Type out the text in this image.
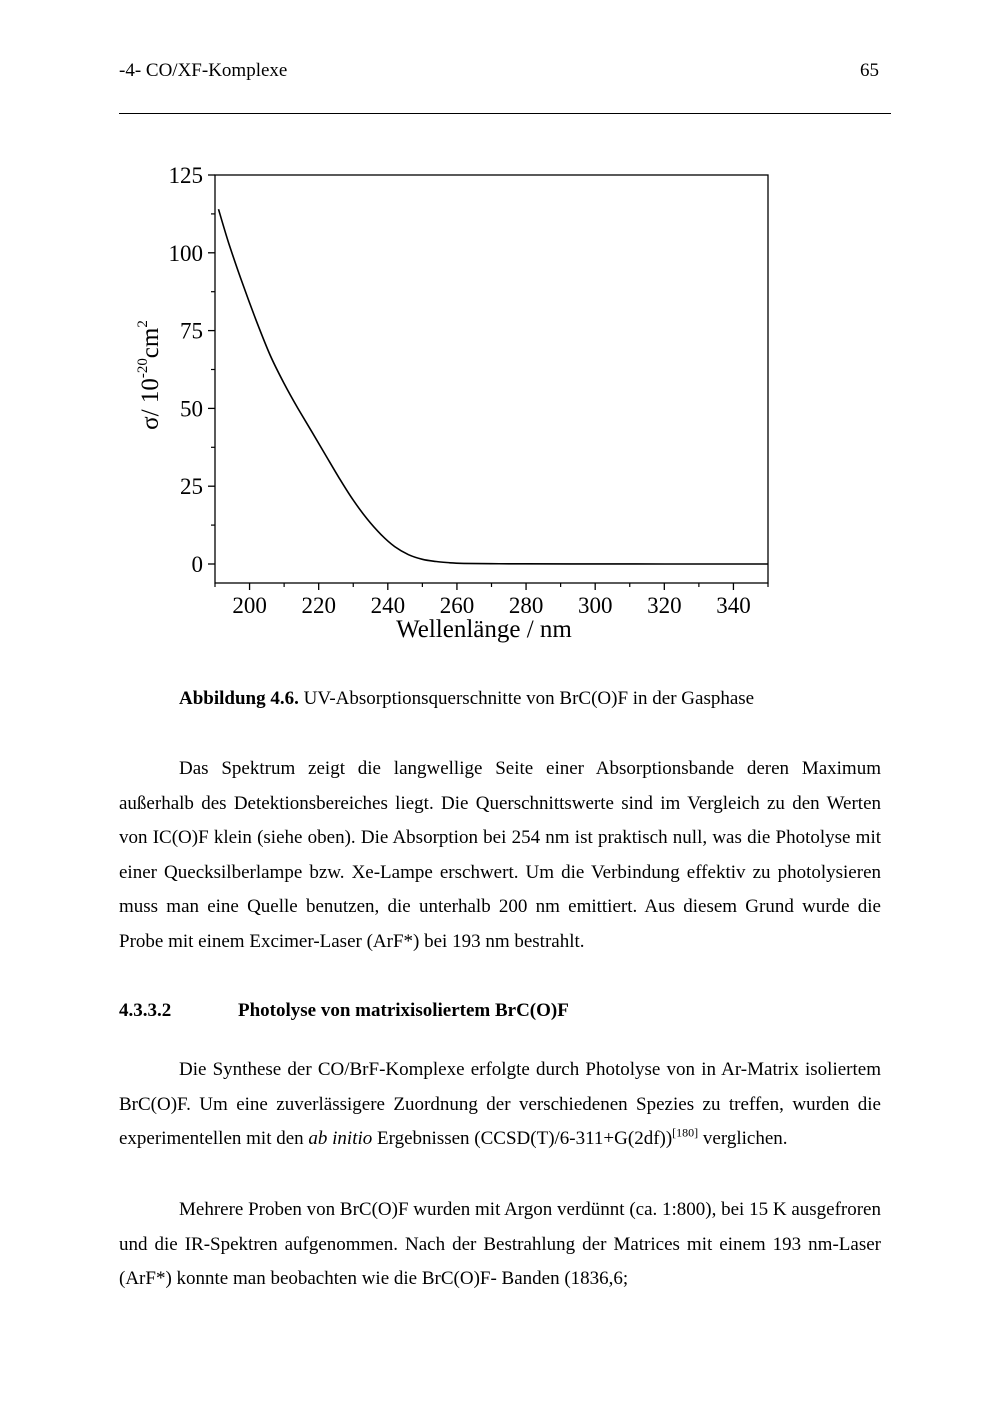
-4- CO/XF-Komplexe	65
0
25
50
75
100
125
200 220 240 260 280 300 320 340
Wellenlänge / nm
σ/ $10^{-20}cm^2$
Abbildung 4.6. UV-Absorptionsquerschnitte von BrC(O)F in der Gasphase

Das Spektrum zeigt die langwellige Seite einer Absorptionsbande deren Maximum außerhalb des Detektionsbereiches liegt. Die Querschnittswerte sind im Vergleich zu den Werten von IC(O)F klein (siehe oben). Die Absorption bei 254 nm ist praktisch null, was die Photolyse mit einer Quecksilberlampe bzw. Xe-Lampe erschwert. Um die Verbindung effektiv zu photolysieren muss man eine Quelle benutzen, die unterhalb 200 nm emittiert. Aus diesem Grund wurde die Probe mit einem Excimer-Laser (ArF*) bei 193 nm bestrahlt.

4.3.3.2	Photolyse von matrixisoliertem BrC(O)F

Die Synthese der CO/BrF-Komplexe erfolgte durch Photolyse von in Ar-Matrix isoliertem BrC(O)F. Um eine zuverlässigere Zuordnung der verschiedenen Spezies zu treffen, wurden die experimentellen mit den ab initio Ergebnissen (CCSD(T)/6-311+G(2df))[180] verglichen.

Mehrere Proben von BrC(O)F wurden mit Argon verdünnt (ca. 1:800), bei 15 K ausgefroren und die IR-Spektren aufgenommen. Nach der Bestrahlung der Matrices mit einem 193 nm-Laser (ArF*) konnte man beobachten wie die BrC(O)F- Banden (1836,6;
